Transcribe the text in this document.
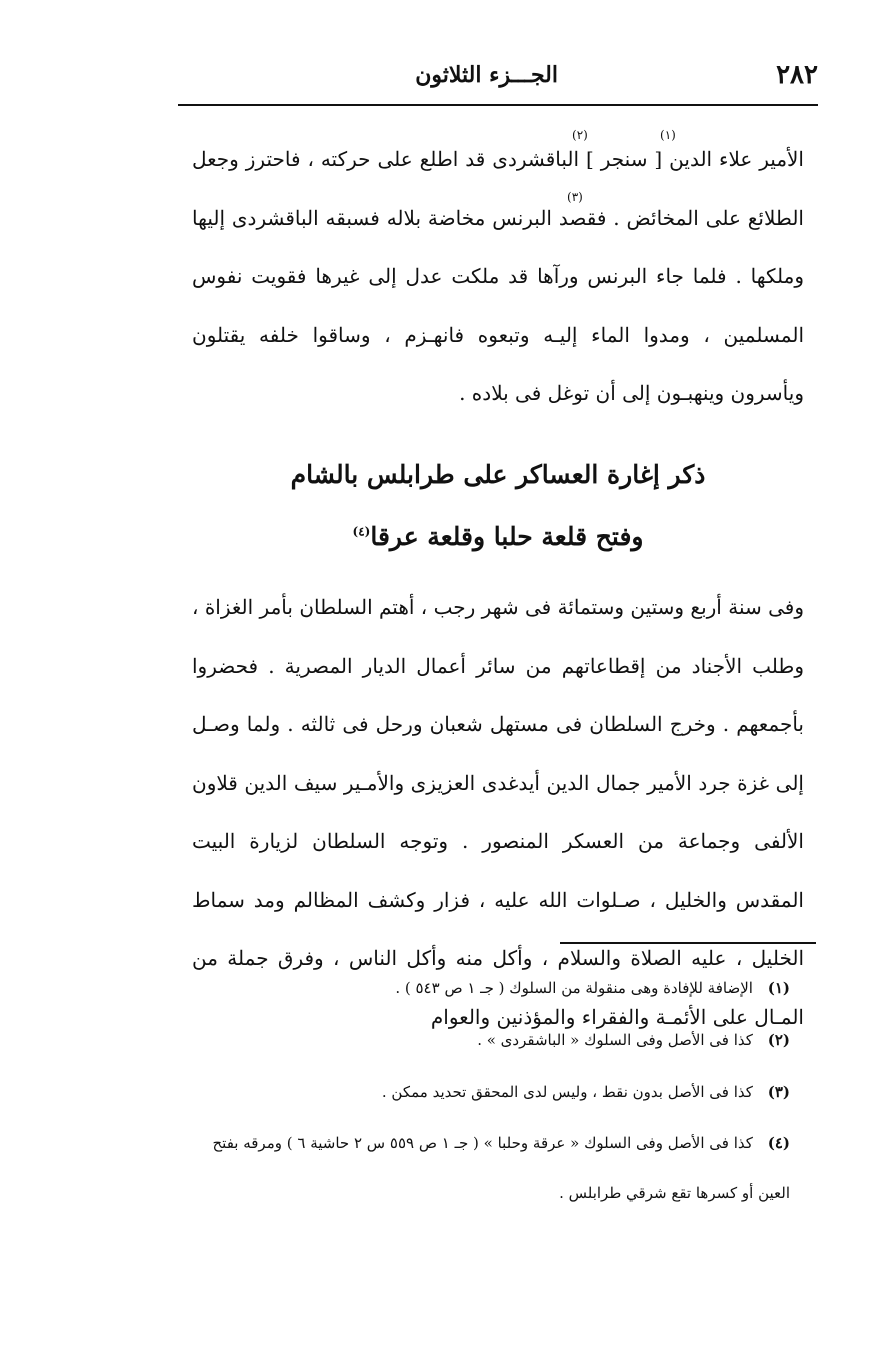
٢٨٢
الجـــزء الثلاثون

الأمير علاء الدين [ سنجر ] الباقشردى قد اطلع على حركته ، فاحترز وجعل الطلائع على المخائض . فقصد البرنس مخاضة بلاله فسبقه الباقشردى إليها وملكها . فلما جاء البرنس ورآها قد ملكت عدل إلى غيرها فقويت نفوس المسلمين ، ومدوا الماء إليـه وتبعوه فانهـزم ، وساقوا خلفه يقتلون ويأسرون وينهبـون إلى أن توغل فى بلاده .

ذكر إغارة العساكر على طرابلس بالشام
وفتح قلعة حلبا وقلعة عرقا$^{(٤)}$

وفى سنة أربع وستين وستمائة فى شهر رجب ، أهتم السلطان بأمر الغزاة ، وطلب الأجناد من إقطاعاتهم من سائر أعمال الديار المصرية . فحضروا بأجمعهم . وخرج السلطان فى مستهل شعبان ورحل فى ثالثه . ولما وصـل إلى غزة جرد الأمير جمال الدين أيدغدى العزيزى والأمـير سيف الدين قلاون الألفى وجماعة من العسكر المنصور . وتوجه السلطان لزيارة البيت المقدس والخليل ، صـلوات الله عليه ، فزار وكشف المظالم ومد سماط الخليل ، عليه الصلاة والسلام ، وأكل منه وأكل الناس ، وفرق جملة من المـال على الأئمـة والفقراء والمؤذنين والعوام

(١) الإضافة للإفادة وهى منقولة من السلوك ( جـ ١ ص ٥٤٣ ) .
(٢) كذا فى الأصل وفى السلوك « الباشقردى » .
(٣) كذا فى الأصل بدون نقط ، وليس لدى المحقق تحديد ممكن .
(٤) كذا فى الأصل وفى السلوك « عرقة وحلبا » ( جـ ١ ص ٥٥٩ س ٢ حاشية ٦ ) ومرقه بفتح العين أو كسرها تقع شرقي طرابلس .
(١)
(٢)
(٣)
